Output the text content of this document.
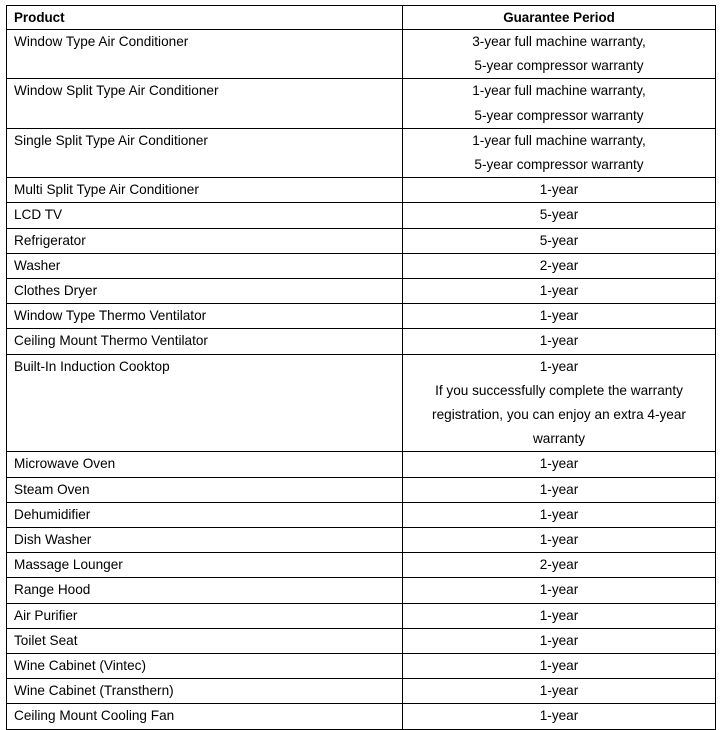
Product	Guarantee Period
Window Type Air Conditioner	3-year full machine warranty,
5-year compressor warranty

Window Split Type Air Conditioner	1-year full machine warranty,
5-year compressor warranty

Single Split Type Air Conditioner	1-year full machine warranty,
5-year compressor warranty

Multi Split Type Air Conditioner	1-year

LCD TV	5-year

Refrigerator	5-year

Washer	2-year

Clothes Dryer	1-year

Window Type Thermo Ventilator	1-year

Ceiling Mount Thermo Ventilator	1-year

Built-In Induction Cooktop	1-year
If you successfully complete the warranty
registration, you can enjoy an extra 4-year
warranty

Microwave Oven	1-year

Steam Oven	1-year

Dehumidifier	1-year

Dish Washer	1-year

Massage Lounger	2-year

Range Hood	1-year

Air Purifier	1-year

Toilet Seat	1-year

Wine Cabinet (Vintec)	1-year

Wine Cabinet (Transthern)	1-year

Ceiling Mount Cooling Fan	1-year
